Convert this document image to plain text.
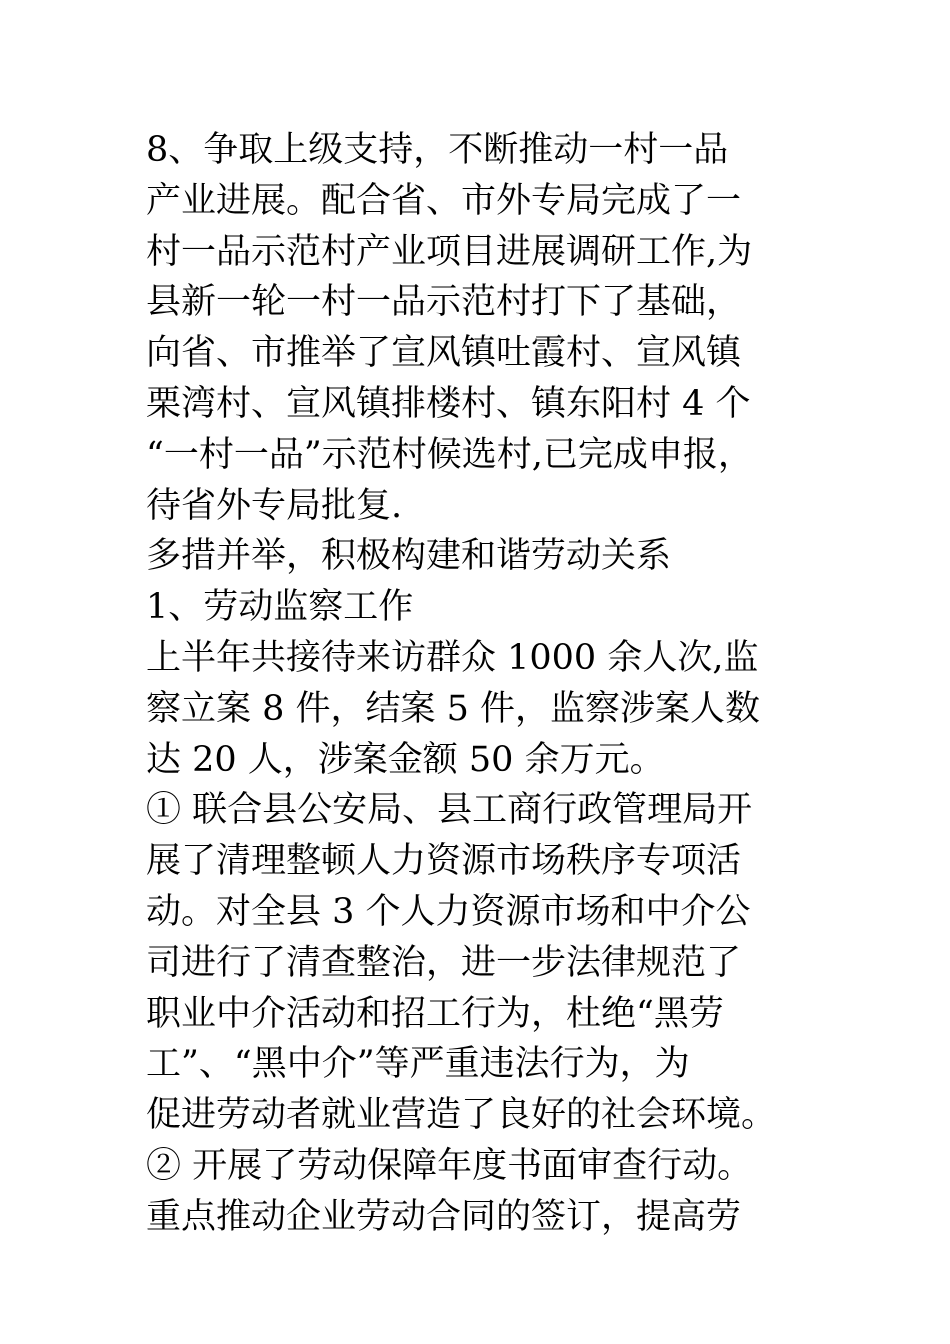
8、争取上级支持，不断推动一村一品
产业进展。配合省、市外专局完成了一
村一品示范村产业项目进展调研工作,为
县新一轮一村一品示范村打下了基础，
向省、市推举了宣风镇吐霞村、宣风镇
栗湾村、宣风镇排楼村、镇东阳村 4 个
“一村一品”示范村候选村,已完成申报，
待省外专局批复.
多措并举，积极构建和谐劳动关系
1、劳动监察工作
上半年共接待来访群众 1000 余人次,监
察立案 8 件，结案 5 件，监察涉案人数
达 20 人，涉案金额 50 余万元。
① 联合县公安局、县工商行政管理局开
展了清理整顿人力资源市场秩序专项活
动。对全县 3 个人力资源市场和中介公
司进行了清查整治，进一步法律规范了
职业中介活动和招工行为，杜绝“黑劳
工”、“黑中介”等严重违法行为，为
促进劳动者就业营造了良好的社会环境。
② 开展了劳动保障年度书面审查行动。
重点推动企业劳动合同的签订，提高劳
